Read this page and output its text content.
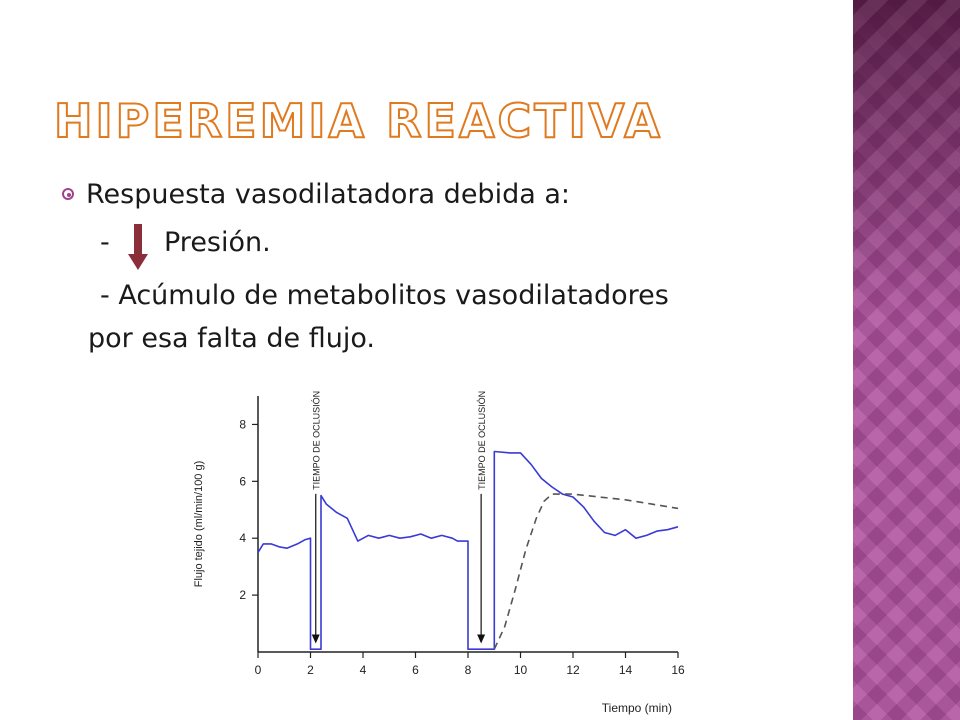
HIPEREMIA REACTIVA
Respuesta vasodilatadora debida a:
- Presión.
- Acúmulo de metabolitos vasodilatadores
por esa falta de flujo.
2
4
6
8
0	2	4	6	8	10	12	14	16
Tiempo (min)
Flujo tejido (ml/min/100 g)
TIEMPO DE OCLUSIÓN	TIEMPO DE OCLUSIÓN
